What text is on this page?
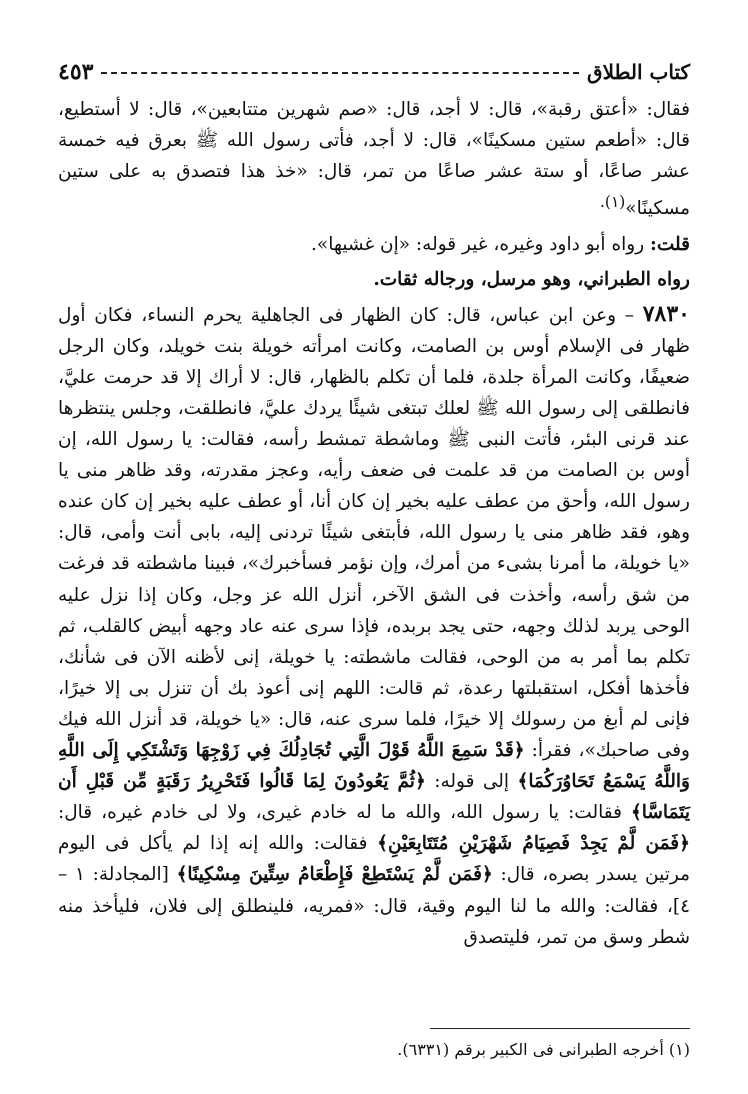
كتاب الطلاق
٤٥٣

فقال: «أعتق رقبة»، قال: لا أجد، قال: «صم شهرين متتابعين»، قال: لا أستطيع، قال: «أطعم ستين مسكينًا»، قال: لا أجد، فأتى رسول الله ﷺ بعرق فيه خمسة عشر صاعًا، أو ستة عشر صاعًا من تمر، قال: «خذ هذا فتصدق به على ستين مسكينًا»$^{(١).}$

قلت: رواه أبو داود وغيره، غير قوله: «إن غشيها».

رواه الطبراني، وهو مرسل، ورجاله ثقات.

٧٨٣٠ – وعن ابن عباس، قال: كان الظهار فى الجاهلية يحرم النساء، فكان أول ظهار فى الإسلام أوس بن الصامت، وكانت امرأته خويلة بنت خويلد، وكان الرجل ضعيفًا، وكانت المرأة جلدة، فلما أن تكلم بالظهار، قال: لا أراك إلا قد حرمت عليَّ، فانطلقى إلى رسول الله ﷺ لعلك تبتغى شيئًا يردك عليَّ، فانطلقت، وجلس ينتظرها عند قرنى البئر، فأتت النبى ﷺ وماشطة تمشط رأسه، فقالت: يا رسول الله، إن أوس بن الصامت من قد علمت فى ضعف رأيه، وعجز مقدرته، وقد ظاهر منى يا رسول الله، وأحق من عطف عليه بخير إن كان أنا، أو عطف عليه بخير إن كان عنده وهو، فقد ظاهر منى يا رسول الله، فأبتغى شيئًا تردنى إليه، بابى أنت وأمى، قال: «يا خويلة، ما أمرنا بشىء من أمرك، وإن نؤمر فسأخبرك»، فبينا ماشطته قد فرغت من شق رأسه، وأخذت فى الشق الآخر، أنزل الله عز وجل، وكان إذا نزل عليه الوحى يربد لذلك وجهه، حتى يجد بربده، فإذا سرى عنه عاد وجهه أبيض كالقلب، ثم تكلم بما أمر به من الوحى، فقالت ماشطته: يا خويلة، إنى لأظنه الآن فى شأنك، فأخذها أفكل، استقبلتها رعدة، ثم قالت: اللهم إنى أعوذ بك أن تنزل بى إلا خيرًا، فإنى لم أبغ من رسولك إلا خيرًا، فلما سرى عنه، قال: «يا خويلة، قد أنزل الله فيك وفى صاحبك»، فقرأ: ﴿قَدْ سَمِعَ اللَّهُ قَوْلَ الَّتِي تُجَادِلُكَ فِي زَوْجِهَا وَتَشْتَكِي إِلَى اللَّهِ وَاللَّهُ يَسْمَعُ تَحَاوُرَكُمَا﴾ إلى قوله: ﴿ثُمَّ يَعُودُونَ لِمَا قَالُوا فَتَحْرِيرُ رَقَبَةٍ مِّن قَبْلِ أَن يَتَمَاسَّا﴾ فقالت: يا رسول الله، والله ما له خادم غيرى، ولا لى خادم غيره، قال: ﴿فَمَن لَّمْ يَجِدْ فَصِيَامُ شَهْرَيْنِ مُتَتَابِعَيْنِ﴾ فقالت: والله إنه إذا لم يأكل فى اليوم مرتين يسدر بصره، قال: ﴿فَمَن لَّمْ يَسْتَطِعْ فَإِطْعَامُ سِتِّينَ مِسْكِينًا﴾ [المجادلة: ١ – ٤]، فقالت: والله ما لنا اليوم وقية، قال: «فمريه، فلينطلق إلى فلان، فليأخذ منه شطر وسق من تمر، فليتصدق

(١) أخرجه الطبرانى فى الكبير برقم (٦٣٣١).
